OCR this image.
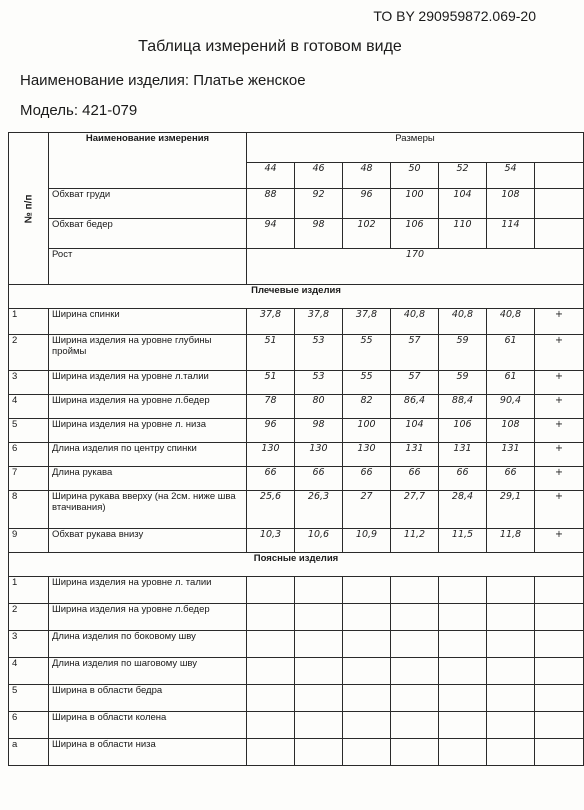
ТО BY 290959872.069-20
Таблица измерений в готовом виде
Наименование изделия: Платье женское
Модель: 421-079
№ п/п	Наименование измерения	Размеры						
		44	46	48	50	52	54	
	Обхват груди	88	92	96	100	104	108	
	Обхват бедер	94	98	102	106	110	114	
	Рост	170						
Плечевые изделия								
1	Ширина спинки	37,8	37,8	37,8	40,8	40,8	40,8	+
2	Ширина изделия на уровне глубины проймы	51	53	55	57	59	61	+
3	Ширина изделия на уровне л.талии	51	53	55	57	59	61	+
4	Ширина изделия на уровне л.бедер	78	80	82	86,4	88,4	90,4	+
5	Ширина изделия на уровне л. низа	96	98	100	104	106	108	+
6	Длина изделия по центру спинки	130	130	130	131	131	131	+
7	Длина рукава	66	66	66	66	66	66	+
8	Ширина рукава вверху (на 2см. ниже шва втачивания)	25,6	26,3	27	27,7	28,4	29,1	+
9	Обхват рукава внизу	10,3	10,6	10,9	11,2	11,5	11,8	+
Поясные изделия								
1	Ширина изделия на уровне л. талии							
2	Ширина изделия на уровне л.бедер							
3	Длина изделия по боковому шву							
4	Длина изделия по шаговому шву							
5	Ширина в области бедра							
6	Ширина в области колена							
а	Ширина в области низа							
